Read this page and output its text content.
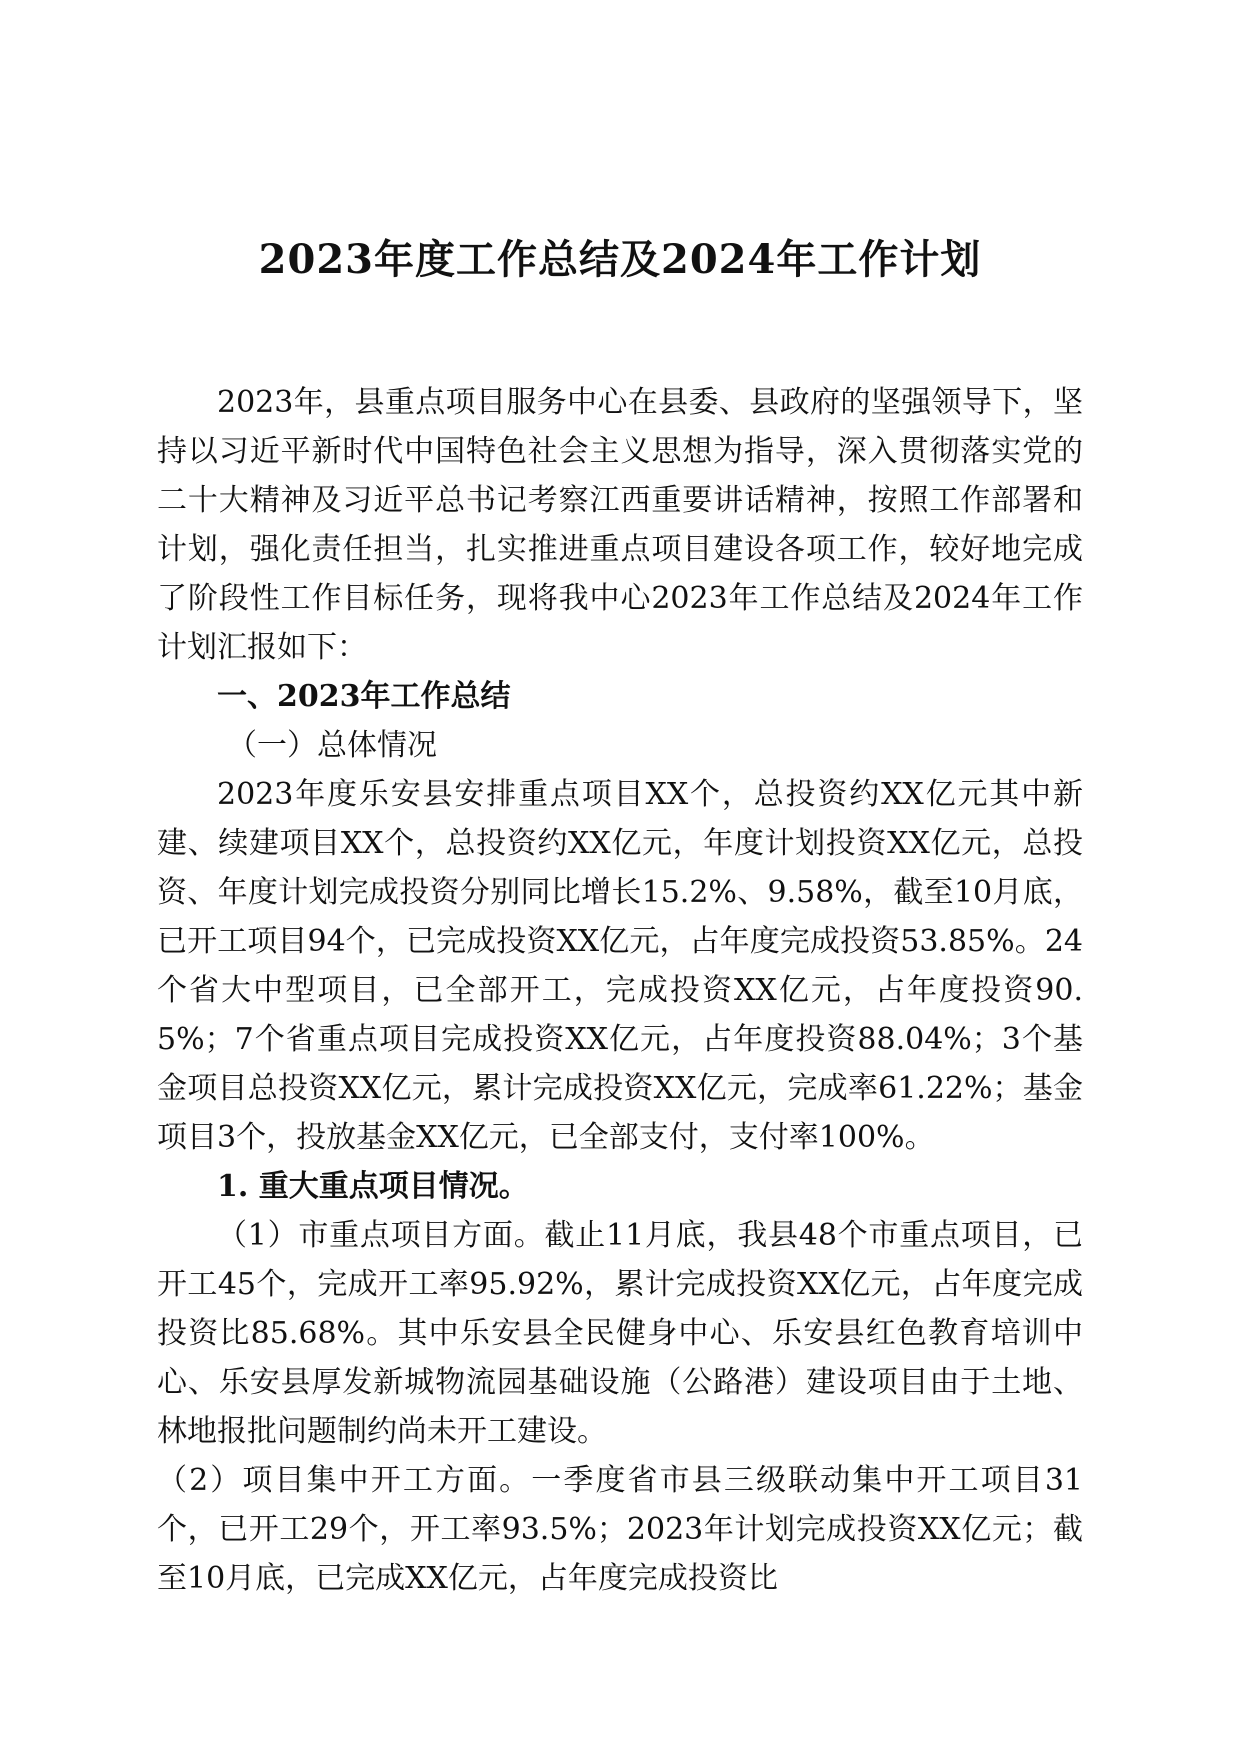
2023年度工作总结及2024年工作计划

2023年，县重点项目服务中心在县委、县政府的坚强领导下，坚持以习近平新时代中国特色社会主义思想为指导，深入贯彻落实党的二十大精神及习近平总书记考察江西重要讲话精神，按照工作部署和计划，强化责任担当，扎实推进重点项目建设各项工作，较好地完成了阶段性工作目标任务，现将我中心2023年工作总结及2024年工作计划汇报如下：

一、2023年工作总结

（一）总体情况

2023年度乐安县安排重点项目XX个，总投资约XX亿元其中新建、续建项目XX个，总投资约XX亿元，年度计划投资XX亿元，总投资、年度计划完成投资分别同比增长15.2%、9.58%，截至10月底，已开工项目94个，已完成投资XX亿元，占年度完成投资53.85%。24个省大中型项目，已全部开工，完成投资XX亿元，占年度投资90.5%；7个省重点项目完成投资XX亿元，占年度投资88.04%；3个基金项目总投资XX亿元，累计完成投资XX亿元，完成率61.22%；基金项目3个，投放基金XX亿元，已全部支付，支付率100%。

1. 重大重点项目情况。

（1）市重点项目方面。截止11月底，我县48个市重点项目，已开工45个，完成开工率95.92%，累计完成投资XX亿元，占年度完成投资比85.68%。其中乐安县全民健身中心、乐安县红色教育培训中心、乐安县厚发新城物流园基础设施（公路港）建设项目由于土地、林地报批问题制约尚未开工建设。

（2）项目集中开工方面。一季度省市县三级联动集中开工项目31个，已开工29个，开工率93.5%；2023年计划完成投资XX亿元；截至10月底，已完成XX亿元，占年度完成投资比
